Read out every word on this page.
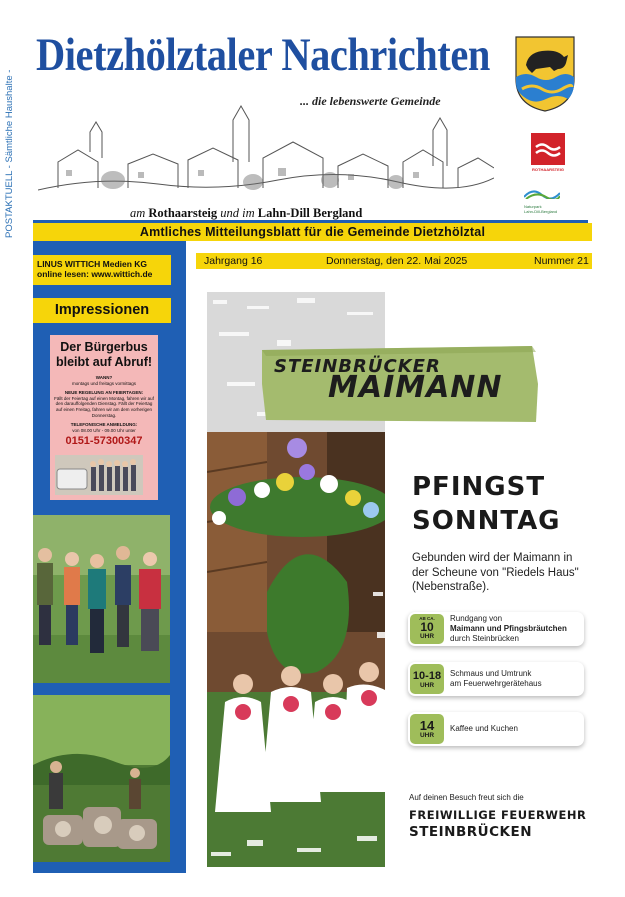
POSTAKTUELL - Sämtliche Haushalte -
Dietzhölztaler Nachrichten
... die lebenswerte Gemeinde
am Rothaarsteig und im Lahn-Dill Bergland
ROTHAARSTEIG
Naturpark
Lahn-Dill-Bergland
Amtliches Mitteilungsblatt für die Gemeinde Dietzhölztal
LINUS WITTICH Medien KG
online lesen: www.wittich.de
Impressionen
Der Bürgerbus
bleibt auf Abruf!
WANN?
montags und freitags vormittags
NEUE REGELUNG AN FEIERTAGEN:
Fällt der Feiertag auf einen Montag, fahren wir auf den darauffolgenden Dienstag. Fällt der Feiertag auf einen Freitag, fahren wir am dem vorherigen Donnerstag.
TELEFONISCHE ANMELDUNG:
von 08.00 Uhr - 09.00 Uhr unter
0151-57300347
Jahrgang 16	Donnerstag, den 22. Mai 2025	Nummer 21
STEINBRÜCKER
MAIMANN
PFINGST
SONNTAG
Gebunden wird der Maimann in der Scheune von "Riedels Haus" (Nebenstraße).
AB CA.
10
UHR
Rundgang von
Maimann und Pfingsbräutchen
durch Steinbrücken
10-18
UHR
Schmaus und Umtrunk
am Feuerwehrgerätehaus
14
UHR
Kaffee und Kuchen
Auf deinen Besuch freut sich die
FREIWILLIGE FEUERWEHR
STEINBRÜCKEN
